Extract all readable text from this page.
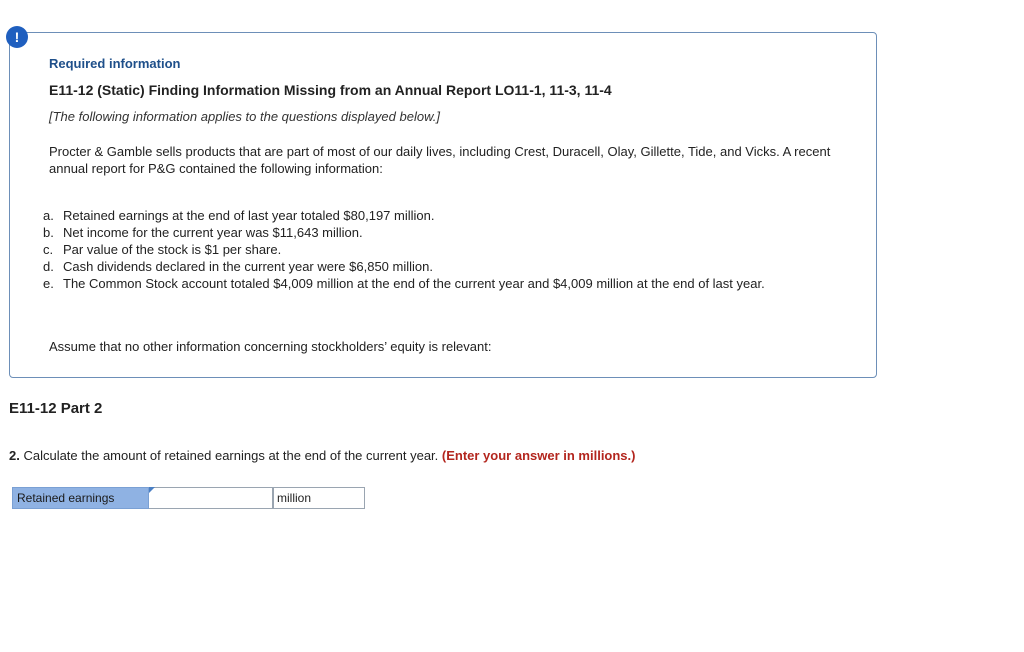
!
Required information
E11-12 (Static) Finding Information Missing from an Annual Report LO11-1, 11-3, 11-4
[The following information applies to the questions displayed below.]
Procter & Gamble sells products that are part of most of our daily lives, including Crest, Duracell, Olay, Gillette, Tide, and Vicks. A recent annual report for P&G contained the following information:
a. Retained earnings at the end of last year totaled $80,197 million.
b. Net income for the current year was $11,643 million.
c. Par value of the stock is $1 per share.
d. Cash dividends declared in the current year were $6,850 million.
e. The Common Stock account totaled $4,009 million at the end of the current year and $4,009 million at the end of last year.
Assume that no other information concerning stockholders’ equity is relevant:
E11-12 Part 2
2. Calculate the amount of retained earnings at the end of the current year. (Enter your answer in millions.)
Retained earnings	million
